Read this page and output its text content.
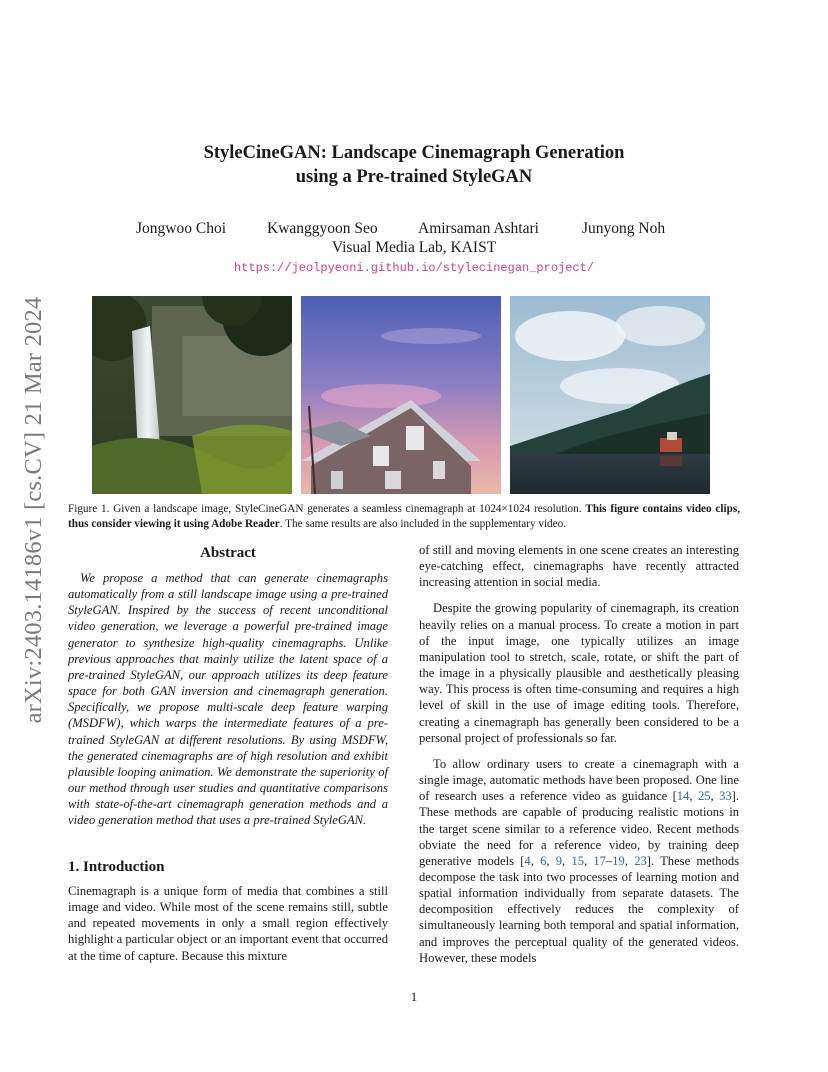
arXiv:2403.14186v1 [cs.CV] 21 Mar 2024
StyleCineGAN: Landscape Cinemagraph Generation
using a Pre-trained StyleGAN
Jongwoo Choi	Kwanggyoon Seo	Amirsaman Ashtari	Junyong Noh
Visual Media Lab, KAIST
https://jeolpyeoni.github.io/stylecinegan_project/
Figure 1. Given a landscape image, StyleCineGAN generates a seamless cinemagraph at 1024×1024 resolution. This figure contains video clips, thus consider viewing it using Adobe Reader. The same results are also included in the supplementary video.
Abstract

We propose a method that can generate cinemagraphs automatically from a still landscape image using a pre-trained StyleGAN. Inspired by the success of recent unconditional video generation, we leverage a powerful pre-trained image generator to synthesize high-quality cinemagraphs. Unlike previous approaches that mainly utilize the latent space of a pre-trained StyleGAN, our approach utilizes its deep feature space for both GAN inversion and cinemagraph generation. Specifically, we propose multi-scale deep feature warping (MSDFW), which warps the intermediate features of a pre-trained StyleGAN at different resolutions. By using MSDFW, the generated cinemagraphs are of high resolution and exhibit plausible looping animation. We demonstrate the superiority of our method through user studies and quantitative comparisons with state-of-the-art cinemagraph generation methods and a video generation method that uses a pre-trained StyleGAN.

1. Introduction

Cinemagraph is a unique form of media that combines a still image and video. While most of the scene remains still, subtle and repeated movements in only a small region effectively highlight a particular object or an important event that occurred at the time of capture. Because this mixture

of still and moving elements in one scene creates an interesting eye-catching effect, cinemagraphs have recently attracted increasing attention in social media.

Despite the growing popularity of cinemagraph, its creation heavily relies on a manual process. To create a motion in part of the input image, one typically utilizes an image manipulation tool to stretch, scale, rotate, or shift the part of the image in a physically plausible and aesthetically pleasing way. This process is often time-consuming and requires a high level of skill in the use of image editing tools. Therefore, creating a cinemagraph has generally been considered to be a personal project of professionals so far.

To allow ordinary users to create a cinemagraph with a single image, automatic methods have been proposed. One line of research uses a reference video as guidance [14, 25, 33]. These methods are capable of producing realistic motions in the target scene similar to a reference video. Recent methods obviate the need for a reference video, by training deep generative models [4, 6, 9, 15, 17–19, 23]. These methods decompose the task into two processes of learning motion and spatial information individually from separate datasets. The decomposition effectively reduces the complexity of simultaneously learning both temporal and spatial information, and improves the perceptual quality of the generated videos. However, these models

1
